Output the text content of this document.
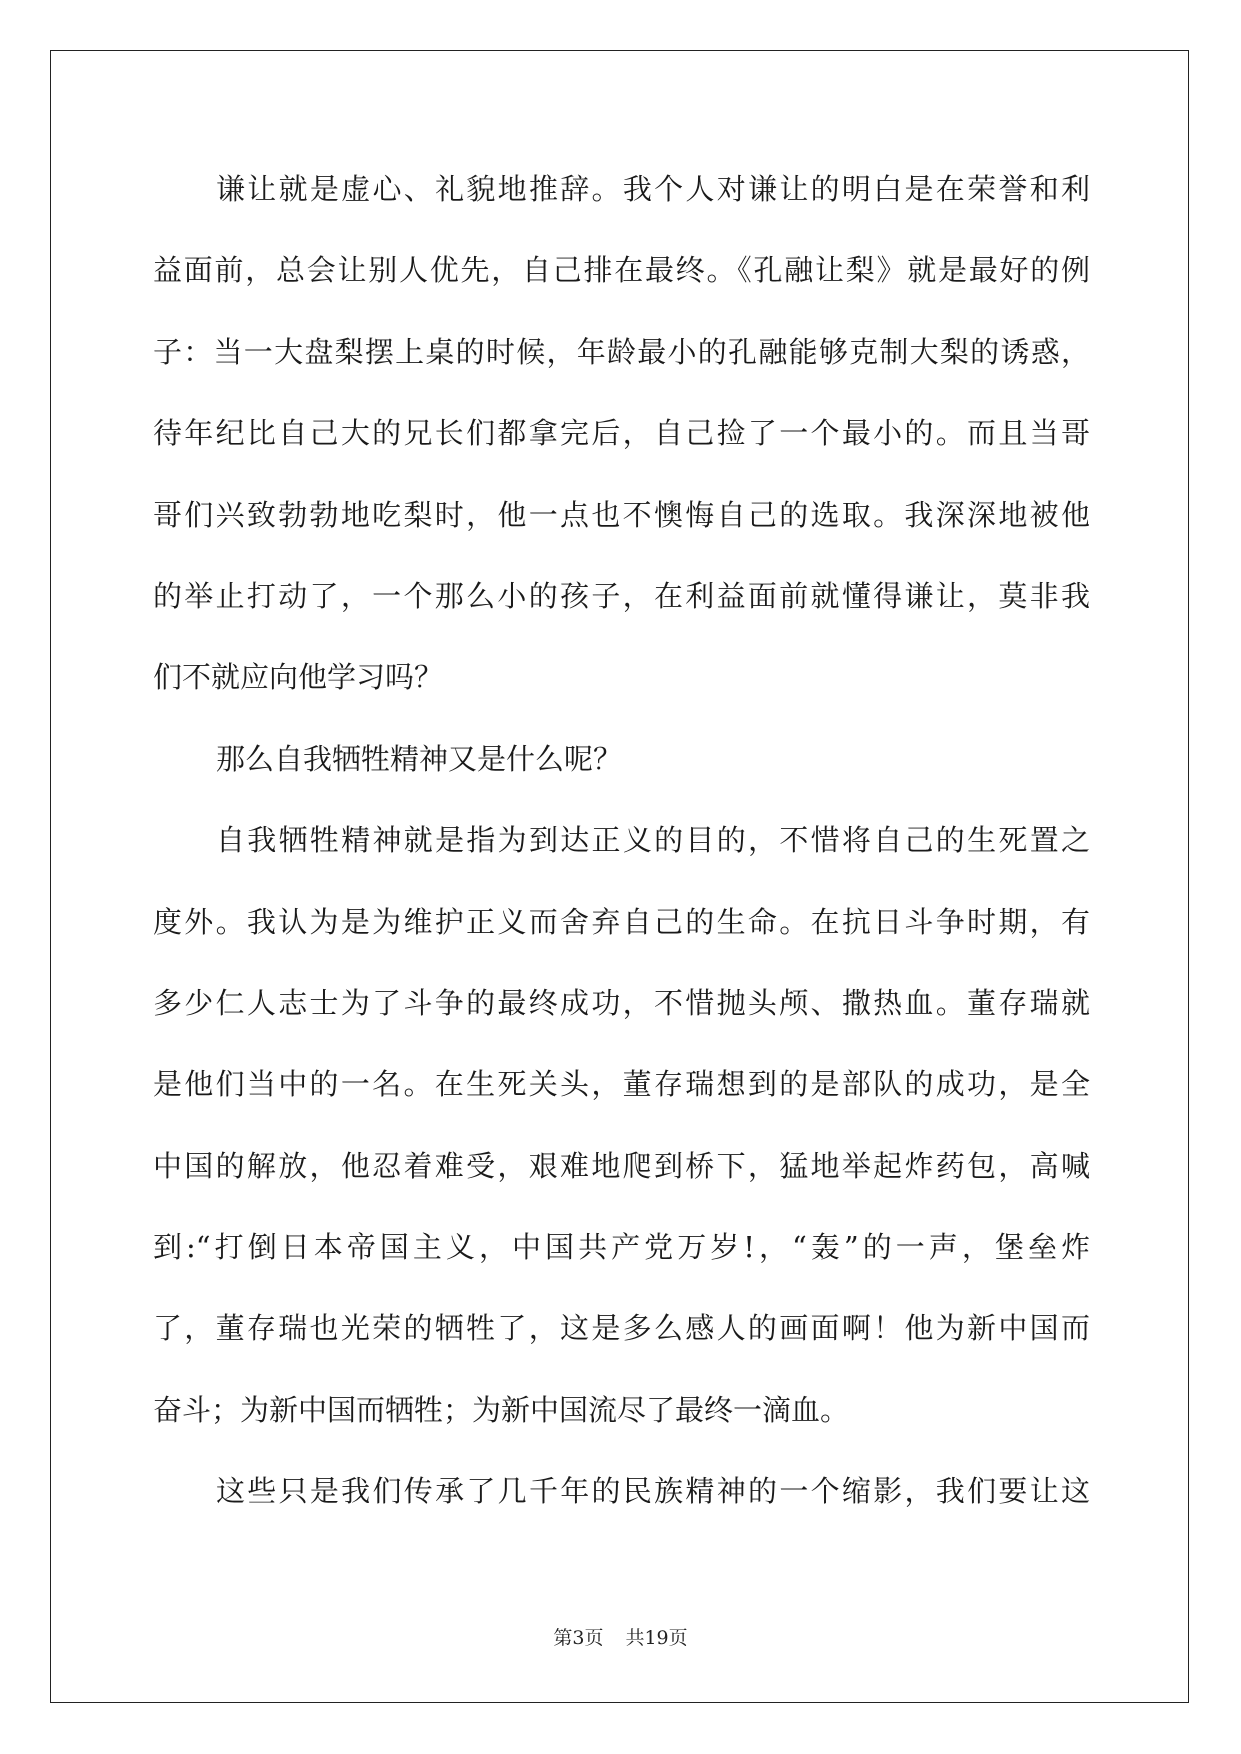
谦让就是虚心、礼貌地推辞。我个人对谦让的明白是在荣誉和利
益面前，总会让别人优先，自己排在最终。《孔融让梨》就是最好的例
子：当一大盘梨摆上桌的时候，年龄最小的孔融能够克制大梨的诱惑，
待年纪比自己大的兄长们都拿完后，自己捡了一个最小的。而且当哥
哥们兴致勃勃地吃梨时，他一点也不懊悔自己的选取。我深深地被他
的举止打动了，一个那么小的孩子，在利益面前就懂得谦让，莫非我
们不就应向他学习吗？
那么自我牺牲精神又是什么呢？
自我牺牲精神就是指为到达正义的目的，不惜将自己的生死置之
度外。我认为是为维护正义而舍弃自己的生命。在抗日斗争时期，有
多少仁人志士为了斗争的最终成功，不惜抛头颅、撒热血。董存瑞就
是他们当中的一名。在生死关头，董存瑞想到的是部队的成功，是全
中国的解放，他忍着难受，艰难地爬到桥下，猛地举起炸药包，高喊
到:“打倒日本帝国主义，中国共产党万岁!，“轰”的一声，堡垒炸
了，董存瑞也光荣的牺牲了，这是多么感人的画面啊！他为新中国而
奋斗；为新中国而牺牲；为新中国流尽了最终一滴血。
这些只是我们传承了几千年的民族精神的一个缩影，我们要让这
第3页 共19页
